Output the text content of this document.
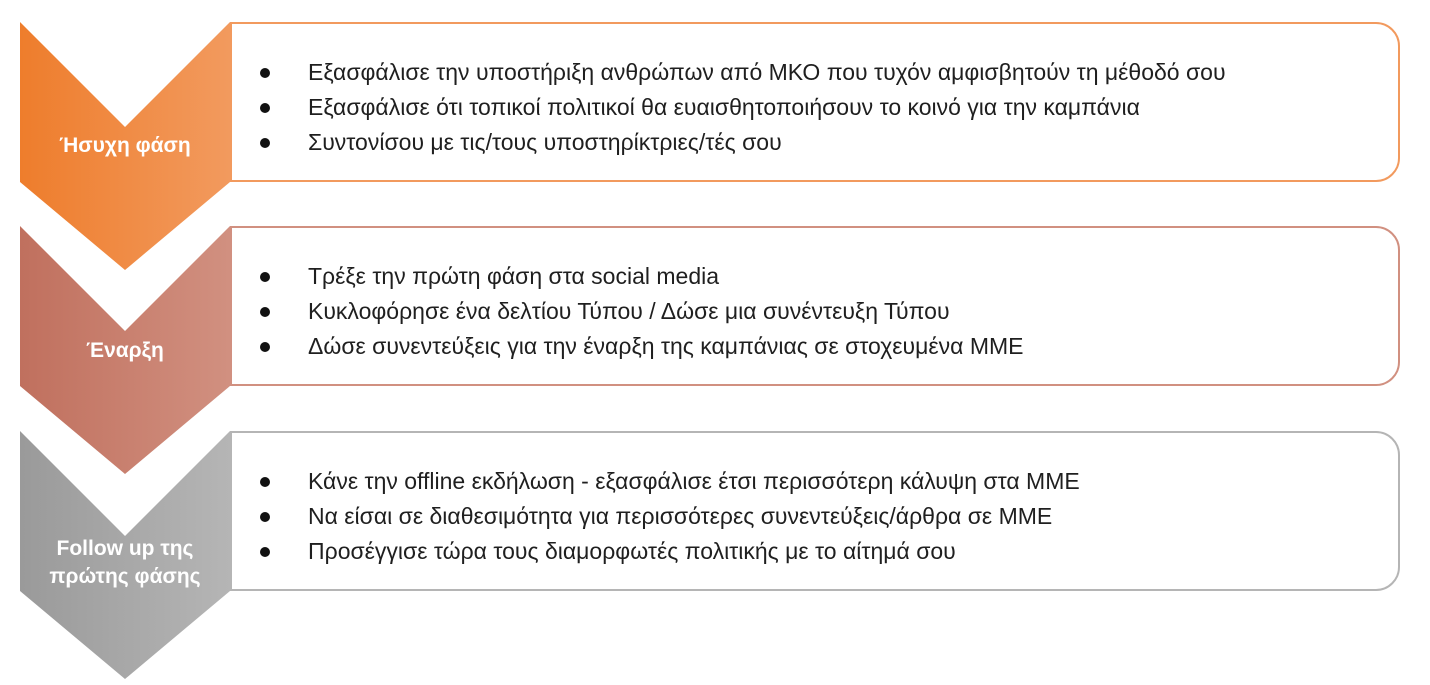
Εξασφάλισε την υποστήριξη ανθρώπων από ΜΚΟ που τυχόν αμφισβητούν τη μέθοδό σου
Εξασφάλισε ότι τοπικοί πολιτικοί θα ευαισθητοποιήσουν το κοινό για την καμπάνια
Συντονίσου με τις/τους υποστηρίκτριες/τές σου
Ήσυχη φάση
Τρέξε την πρώτη φάση στα social media
Κυκλοφόρησε ένα δελτίου Τύπου / Δώσε μια συνέντευξη Τύπου
Δώσε συνεντεύξεις για την έναρξη της καμπάνιας σε στοχευμένα ΜΜΕ
Έναρξη
Κάνε την offline εκδήλωση - εξασφάλισε έτσι περισσότερη κάλυψη στα ΜΜΕ
Να είσαι σε διαθεσιμότητα για περισσότερες συνεντεύξεις/άρθρα σε ΜΜΕ
Προσέγγισε τώρα τους διαμορφωτές πολιτικής με το αίτημά σου
Follow up της
πρώτης φάσης
